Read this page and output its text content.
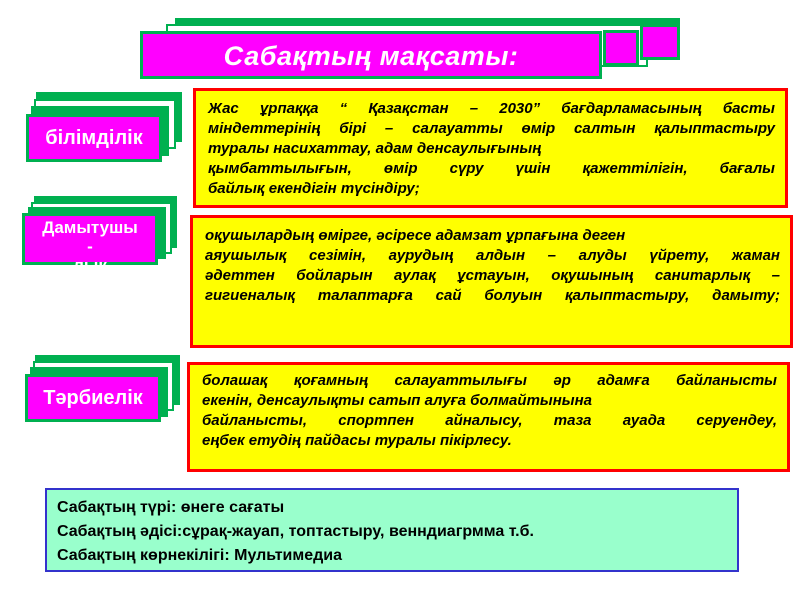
Сабақтың мақсаты:
білімділік
Дамытушы
-
лық
Тәрбиелік
Жас ұрпаққа “ Қазақстан – 2030” бағдарламасының басты
міндеттерінің бірі – салауатты өмір салтын қалыптастыру
туралы насихаттау, адам денсаулығының
қымбаттылығын, өмір сүру үшін қажеттілігін, бағалы
байлық екендігін түсіндіру;
оқушылардың өмірге, әсіресе адамзат ұрпағына деген
аяушылық сезімін, аурудың алдын – алуды үйрету, жаман
әдеттен бойларын аулақ ұстауын, оқушының санитарлық –
гигиеналық талаптарға сай болуын қалыптастыру, дамыту;
болашақ қоғамның салауаттылығы әр адамға байланысты
екенін, денсаулықты сатып алуға болмайтынына
байланысты, спортпен айналысу, таза ауада серуендеу,
еңбек етудің пайдасы туралы пікірлесу.
Сабақтың түрі: өнеге сағаты
Сабақтың әдісі:сұрақ-жауап, топтастыру, венндиагрмма т.б.
Сабақтың көрнекілігі: Мультимедиа
